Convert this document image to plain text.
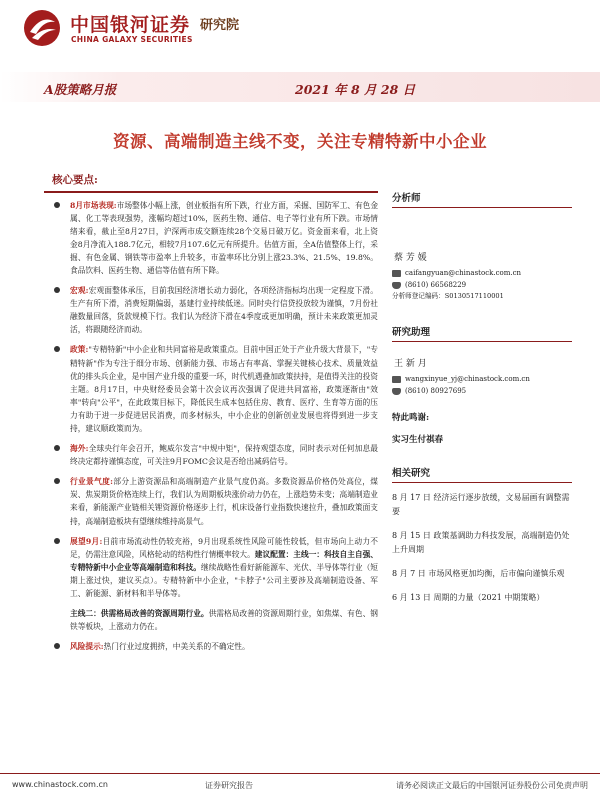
中国银河证券
CHINA GALAXY SECURITIES
研究院
A股策略月报	2021 年 8 月 28 日
资源、高端制造主线不变，关注专精特新中小企业
核心要点:
8月市场表现:市场整体小幅上涨，创业板指有所下跌，行业方面，采掘、国防军工、有色金属、化工等表现强势，涨幅均超过10%，医药生物、通信、电子等行业有所下跌。市场情绪来看，截止至8月27日，沪深两市成交额连续28个交易日破万亿。资金面来看，北上资金8月净流入188.7亿元，相较7月107.6亿元有所提升。估值方面，全A估值整体上行，采掘、有色金属、钢铁等市盈率上升较多，市盈率环比分别上涨23.3%、21.5%、19.8%。食品饮料、医药生物、通信等估值有所下降。
宏观:宏观面整体承压，目前我国经济增长动力弱化，各项经济指标均出现一定程度下滑。生产有所下滑，消费短期偏弱，基建行业持续低迷。同时央行信贷投放较为谨慎，7月份社融数量回落，货款规模下行。我们认为经济下滑在4季度或更加明确，预计未来政策更加灵活，将跟随经济而动。
政策:"专精特新"中小企业和共同富裕是政策重点。目前中国正处于产业升级大背景下，"专精特新"作为专注于细分市场、创新能力强、市场占有率高、掌握关键核心技术、质量效益优的排头兵企业，是中国产业升级的重要一环，时代机遇叠加政策扶持，是值得关注的投资主题。8月17日，中央财经委员会第十次会议再次强调了促进共同富裕，政策逐渐由"效率"转向"公平"，在此政策目标下，降低民生成本包括住房、教育、医疗、生育等方面的压力有助于进一步促进居民消费，而多材标头，中小企业的创新创业发展也将得到进一步支持，建议顺政策而为。
海外:全球央行年会召开，鲍威尔发言"中规中矩"，保持观望态度，同时表示对任何加息最终决定都持谨慎态度，可关注9月FOMC会议是否给出减码信号。
行业景气度:部分上游资源品和高端制造产业景气度仍高。多数资源品价格仍处高位，煤炭、焦炭期货价格连续上行，我们认为周期板块涨价动力仍在，上涨趋势未变；高端制造业来看，新能源产业链相关锂资源价格逐步上行，机床设备行业指数快速拉升，叠加政策面支持，高端制造板块有望继续维持高景气。
展望9月:目前市场流动性仍较充裕，9月出现系统性风险可能性较低，但市场向上动力不足，仍需注意风险，风格轮动的结构性行情概率较大。建议配置：主线一：科技自主自强、专精特新中小企业等高端制造和科技。继续战略性看好新能源车、光伏、半导体等行业（短期上涨过快，建议买点）。专精特新中小企业，"卡脖子"公司主要涉及高端制造设备、军工、新能源、新材料和半导体等。
主线二：供需格局改善的资源周期行业。供需格局改善的资源周期行业，如焦煤、有色、钢铁等板块，上涨动力仍在。
风险提示:热门行业过度拥挤，中美关系的不确定性。
分析师
蔡 芳 媛
caifangyuan@chinastock.com.cn
(8610) 66568229
分析师登记编码：S0130517110001
研究助理
王 新 月
wangxinyue_yj@chinastock.com.cn
(8610) 80927695
特此鸣谢:
实习生付祺春
相关研究
8 月 17 日 经济运行逐步放缓，文易届画有调整需要
8 月 15 日 政策基调助力科技发展，高端制造仍处上升周期
8 月 7 日 市场风格更加均衡，后市偏向谨慎乐观
6 月 13 日 周期的力量（2021 中期策略）
www.chinastock.com.cn	证券研究报告	请务必阅读正文最后的中国银河证券股份公司免责声明
